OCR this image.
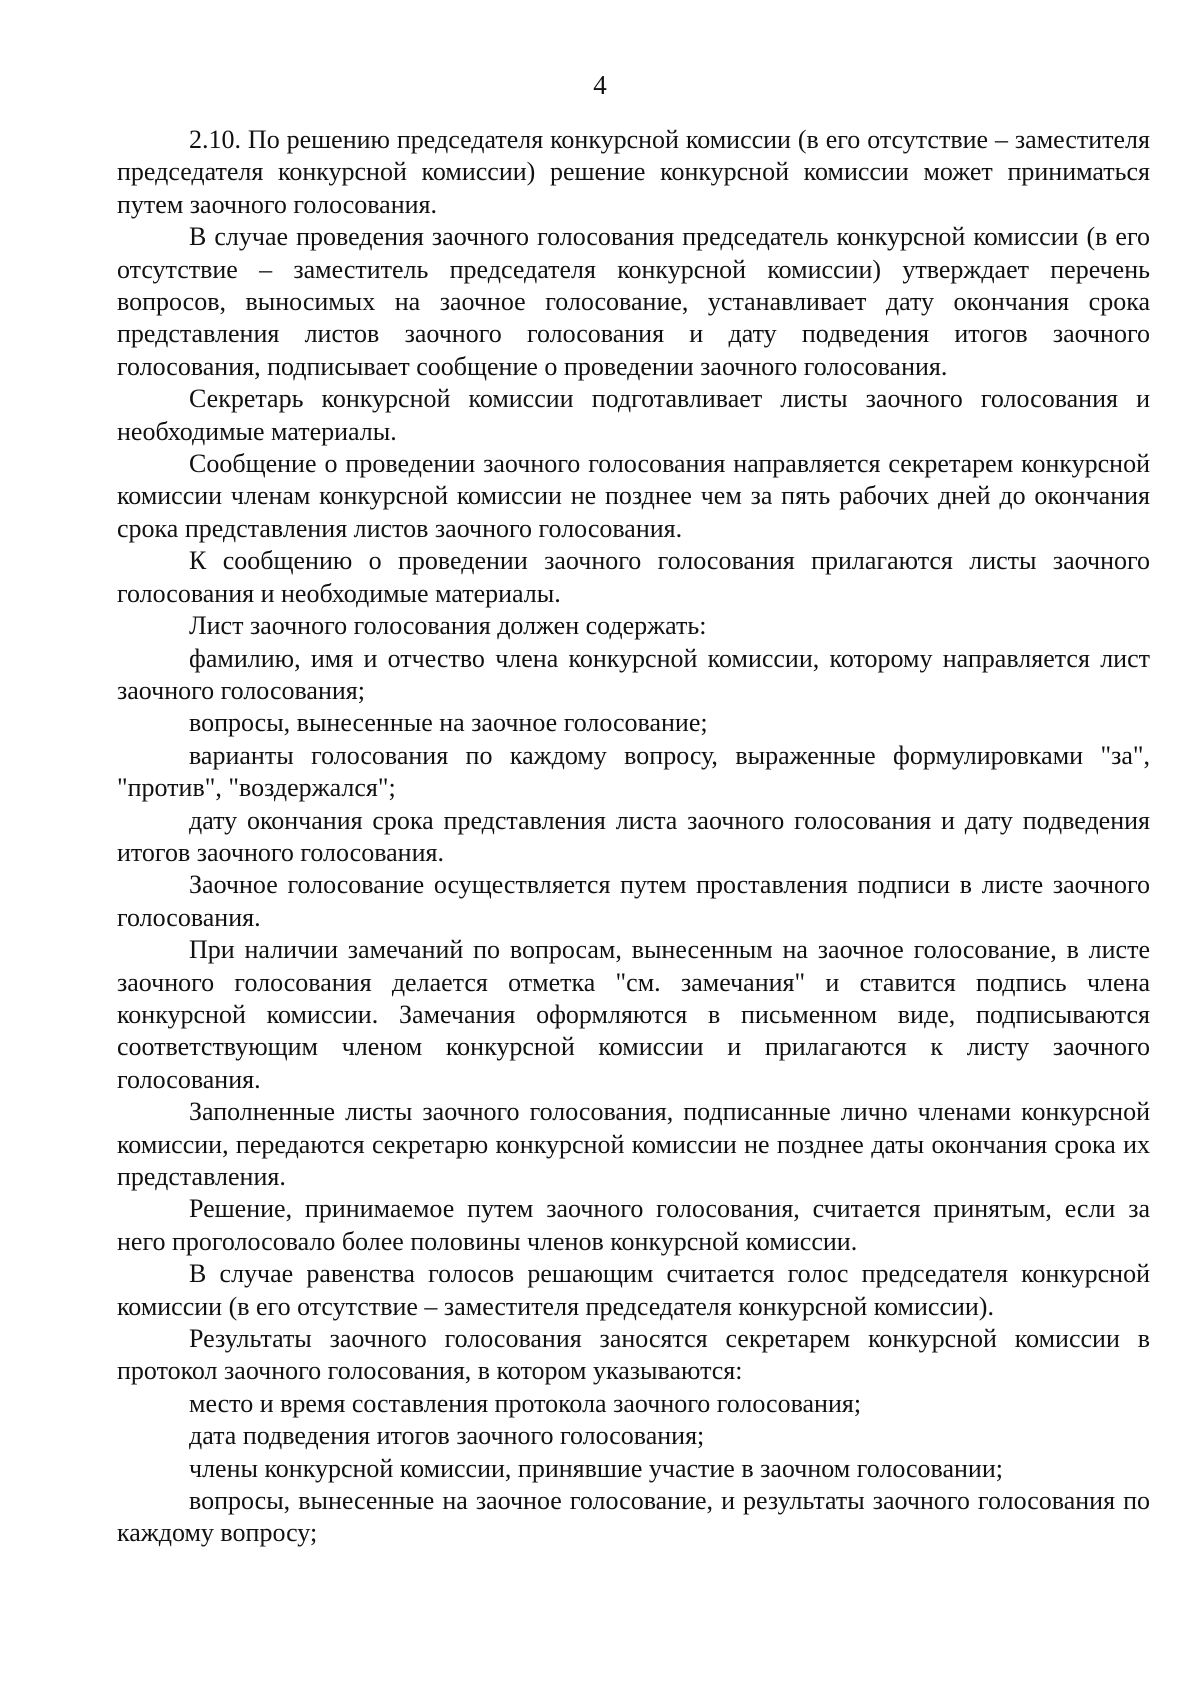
4

2.10. По решению председателя конкурсной комиссии (в его отсутствие – заместителя председателя конкурсной комиссии) решение конкурсной комиссии может приниматься путем заочного голосования.

В случае проведения заочного голосования председатель конкурсной комиссии (в его отсутствие – заместитель председателя конкурсной комиссии) утверждает перечень вопросов, выносимых на заочное голосование, устанавливает дату окончания срока представления листов заочного голосования и дату подведения итогов заочного голосования, подписывает сообщение о проведении заочного голосования.

Секретарь конкурсной комиссии подготавливает листы заочного голосования и необходимые материалы.

Сообщение о проведении заочного голосования направляется секретарем конкурсной комиссии членам конкурсной комиссии не позднее чем за пять рабочих дней до окончания срока представления листов заочного голосования.

К сообщению о проведении заочного голосования прилагаются листы заочного голосования и необходимые материалы.

Лист заочного голосования должен содержать:

фамилию, имя и отчество члена конкурсной комиссии, которому направляется лист заочного голосования;

вопросы, вынесенные на заочное голосование;

варианты голосования по каждому вопросу, выраженные формулировками "за", "против", "воздержался";

дату окончания срока представления листа заочного голосования и дату подведения итогов заочного голосования.

Заочное голосование осуществляется путем проставления подписи в листе заочного голосования.

При наличии замечаний по вопросам, вынесенным на заочное голосование, в листе заочного голосования делается отметка "см. замечания" и ставится подпись члена конкурсной комиссии. Замечания оформляются в письменном виде, подписываются соответствующим членом конкурсной комиссии и прилагаются к листу заочного голосования.

Заполненные листы заочного голосования, подписанные лично членами конкурсной комиссии, передаются секретарю конкурсной комиссии не позднее даты окончания срока их представления.

Решение, принимаемое путем заочного голосования, считается принятым, если за него проголосовало более половины членов конкурсной комиссии.

В случае равенства голосов решающим считается голос председателя конкурсной комиссии (в его отсутствие – заместителя председателя конкурсной комиссии).

Результаты заочного голосования заносятся секретарем конкурсной комиссии в протокол заочного голосования, в котором указываются:

место и время составления протокола заочного голосования;

дата подведения итогов заочного голосования;

члены конкурсной комиссии, принявшие участие в заочном голосовании;

вопросы, вынесенные на заочное голосование, и результаты заочного голосования по каждому вопросу;
